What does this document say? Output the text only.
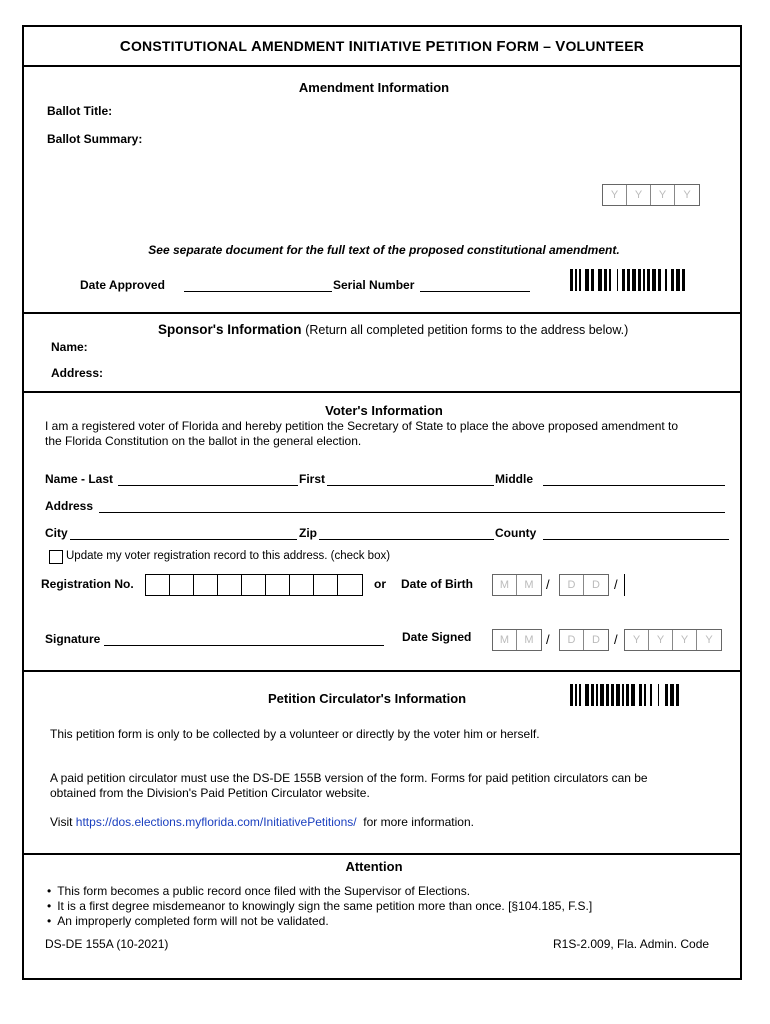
CONSTITUTIONAL AMENDMENT INITIATIVE PETITION FORM – VOLUNTEER
Amendment Information
Ballot Title:
Ballot Summary:
Y	Y	Y	Y
See separate document for the full text of the proposed constitutional amendment.
Date Approved	Serial Number
Sponsor's Information (Return all completed petition forms to the address below.)
Name:
Address:
Voter's Information
I am a registered voter of Florida and hereby petition the Secretary of State to place the above proposed amendment to
the Florida Constitution on the ballot in the general election.
Name - Last	First	Middle
Address
City	Zip	County
Update my voter registration record to this address. (check box)
Registration No.	or Date of Birth	M	M /	D	D	/
Signature	Date Signed	M	M /	D	D	/	Y	Y	Y	Y
Petition Circulator's Information
This petition form is only to be collected by a volunteer or directly by the voter him or herself.
A paid petition circulator must use the DS-DE 155B version of the form. Forms for paid petition circulators can be
obtained from the Division's Paid Petition Circulator website.
Visit https://dos.elections.myflorida.com/InitiativePetitions/ for more information.
Attention
• This form becomes a public record once filed with the Supervisor of Elections.
• It is a first degree misdemeanor to knowingly sign the same petition more than once. [§104.185, F.S.]
• An improperly completed form will not be validated.
DS-DE 155A (10-2021)	R1S-2.009, Fla. Admin. Code
